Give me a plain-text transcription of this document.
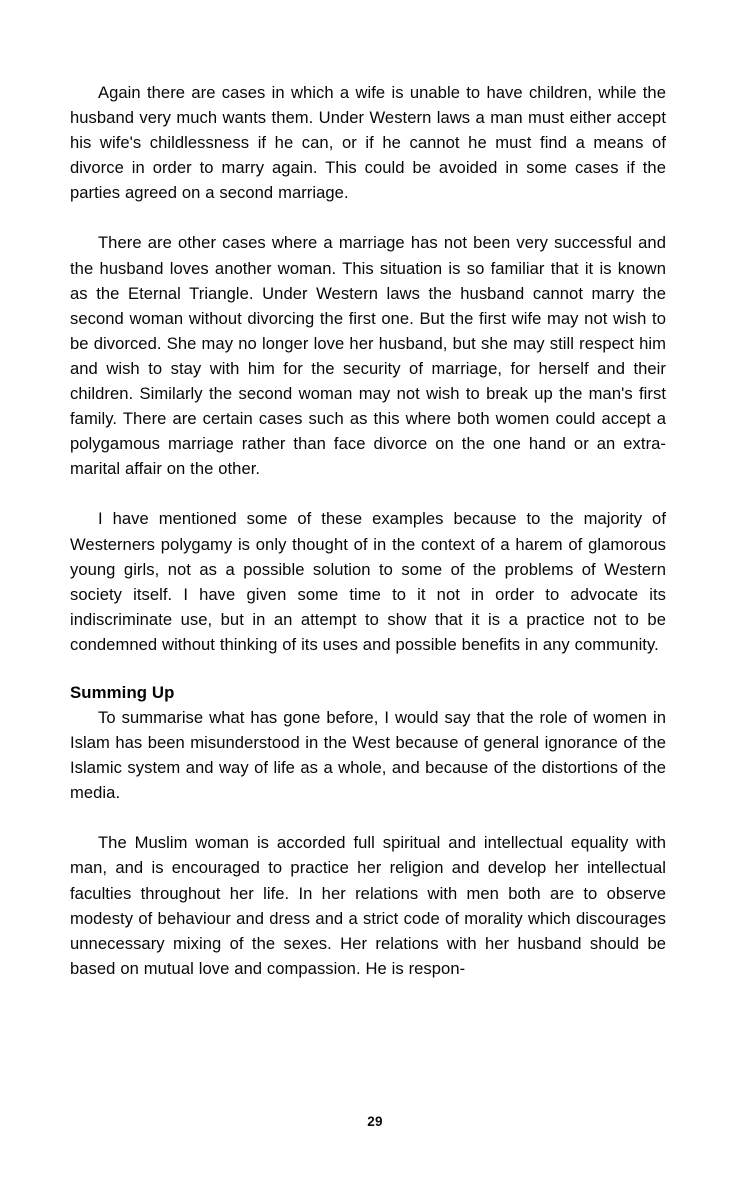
Again there are cases in which a wife is unable to have children, while the husband very much wants them. Under Western laws a man must either accept his wife's childlessness if he can, or if he cannot he must find a means of divorce in order to marry again. This could be avoided in some cases if the parties agreed on a second marriage.

There are other cases where a marriage has not been very successful and the husband loves another woman. This situation is so familiar that it is known as the Eternal Triangle. Under Western laws the husband cannot marry the second woman without divorcing the first one. But the first wife may not wish to be divorced. She may no longer love her husband, but she may still respect him and wish to stay with him for the security of marriage, for herself and their children. Similarly the second woman may not wish to break up the man's first family. There are certain cases such as this where both women could accept a polygamous marriage rather than face divorce on the one hand or an extra-marital affair on the other.

I have mentioned some of these examples because to the majority of Westerners polygamy is only thought of in the context of a harem of glamorous young girls, not as a possible solution to some of the problems of Western society itself. I have given some time to it not in order to advocate its indiscriminate use, but in an attempt to show that it is a practice not to be condemned without thinking of its uses and possible benefits in any community.

Summing Up

To summarise what has gone before, I would say that the role of women in Islam has been misunderstood in the West because of general ignorance of the Islamic system and way of life as a whole, and because of the distortions of the media.

The Muslim woman is accorded full spiritual and intellectual equality with man, and is encouraged to practice her religion and develop her intellectual faculties throughout her life. In her relations with men both are to observe modesty of behaviour and dress and a strict code of morality which discourages unnecessary mixing of the sexes. Her relations with her husband should be based on mutual love and compassion. He is respon-

29
